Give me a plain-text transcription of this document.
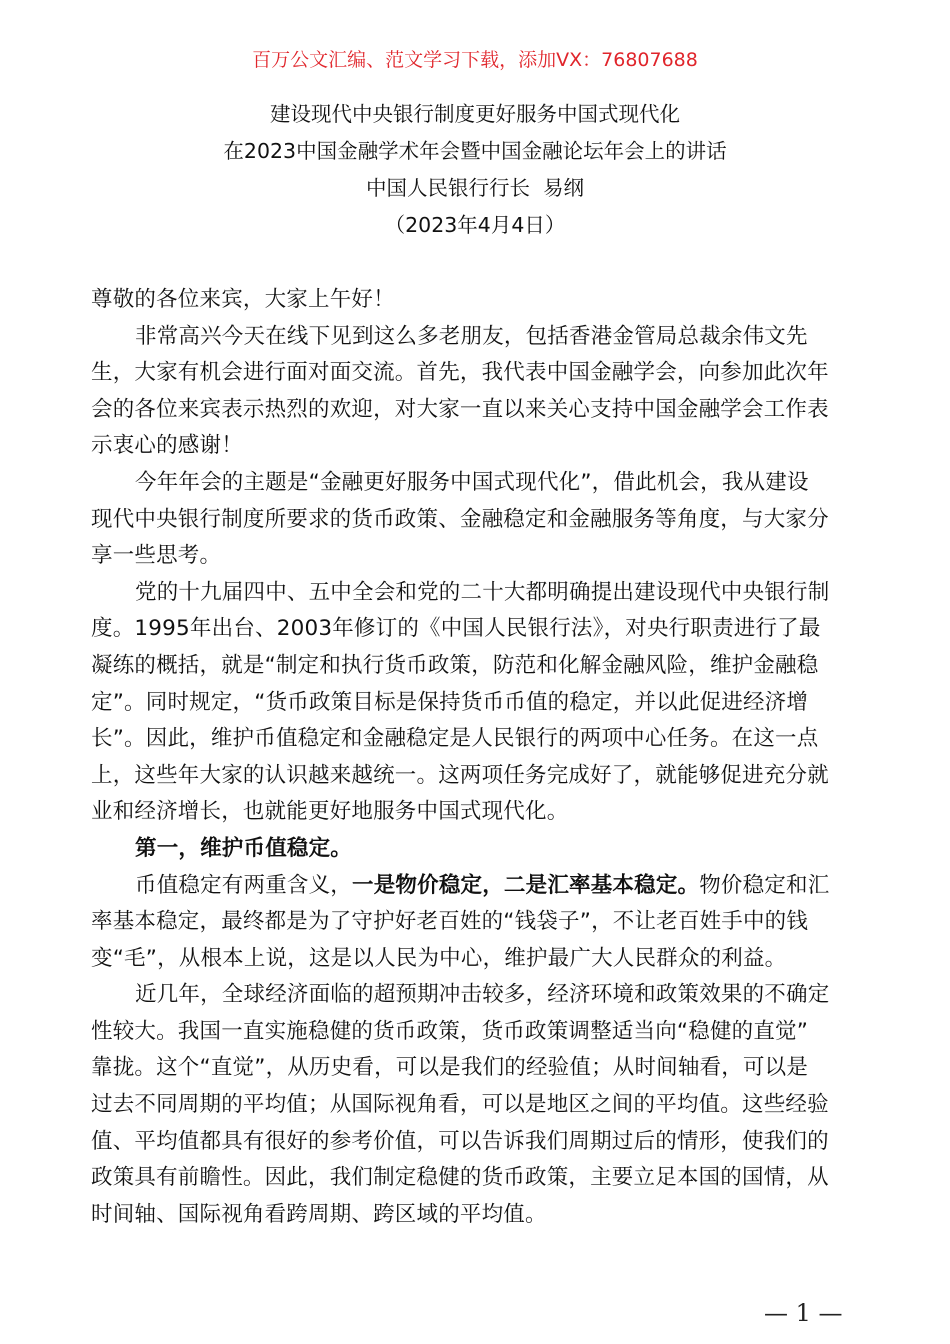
百万公文汇编、范文学习下载，添加VX：76807688
建设现代中央银行制度更好服务中国式现代化
在2023中国金融学术年会暨中国金融论坛年会上的讲话
中国人民银行行长  易纲
（2023年4月4日）
尊敬的各位来宾，大家上午好！
非常高兴今天在线下见到这么多老朋友，包括香港金管局总裁余伟文先
生，大家有机会进行面对面交流。首先，我代表中国金融学会，向参加此次年
会的各位来宾表示热烈的欢迎，对大家一直以来关心支持中国金融学会工作表
示衷心的感谢！
今年年会的主题是“金融更好服务中国式现代化”，借此机会，我从建设
现代中央银行制度所要求的货币政策、金融稳定和金融服务等角度，与大家分
享一些思考。
党的十九届四中、五中全会和党的二十大都明确提出建设现代中央银行制
度。1995年出台、2003年修订的《中国人民银行法》，对央行职责进行了最
凝练的概括，就是“制定和执行货币政策，防范和化解金融风险，维护金融稳
定”。同时规定，“货币政策目标是保持货币币值的稳定，并以此促进经济增
长”。因此，维护币值稳定和金融稳定是人民银行的两项中心任务。在这一点
上，这些年大家的认识越来越统一。这两项任务完成好了，就能够促进充分就
业和经济增长，也就能更好地服务中国式现代化。
第一，维护币值稳定。
币值稳定有两重含义，一是物价稳定，二是汇率基本稳定。物价稳定和汇
率基本稳定，最终都是为了守护好老百姓的“钱袋子”，不让老百姓手中的钱
变“毛”，从根本上说，这是以人民为中心，维护最广大人民群众的利益。
近几年，全球经济面临的超预期冲击较多，经济环境和政策效果的不确定
性较大。我国一直实施稳健的货币政策，货币政策调整适当向“稳健的直觉”
靠拢。这个“直觉”，从历史看，可以是我们的经验值；从时间轴看，可以是
过去不同周期的平均值；从国际视角看，可以是地区之间的平均值。这些经验
值、平均值都具有很好的参考价值，可以告诉我们周期过后的情形，使我们的
政策具有前瞻性。因此，我们制定稳健的货币政策，主要立足本国的国情，从
时间轴、国际视角看跨周期、跨区域的平均值。
— 1 —
